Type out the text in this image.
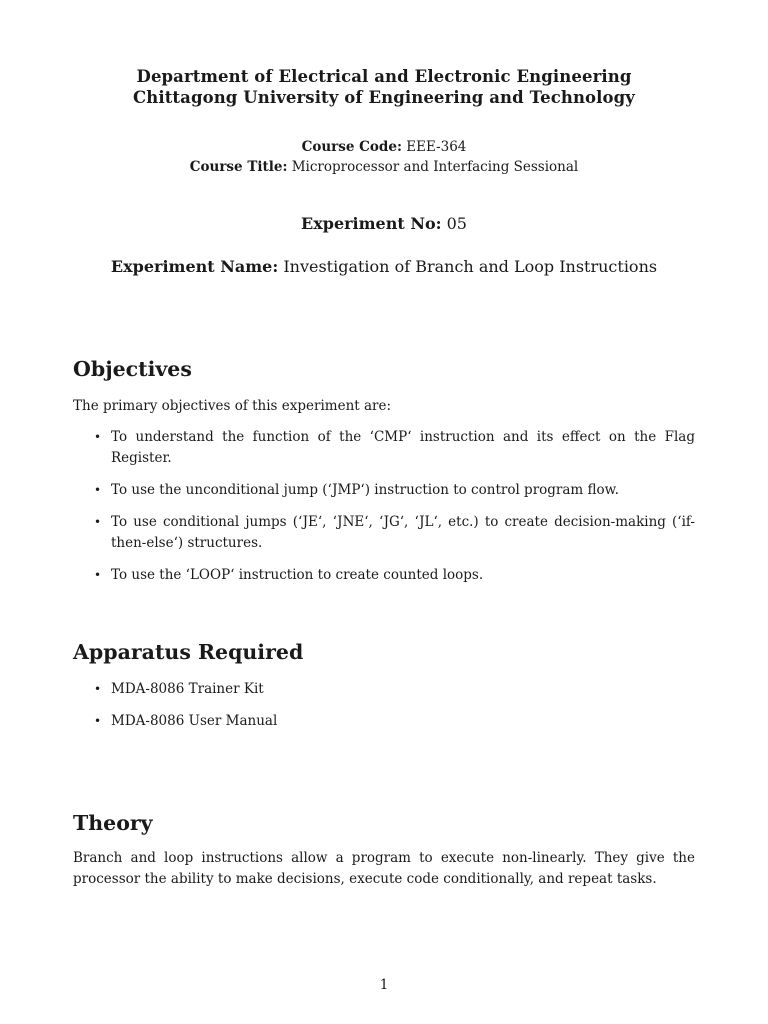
Department of Electrical and Electronic Engineering
Chittagong University of Engineering and Technology
Course Code: EEE-364
Course Title: Microprocessor and Interfacing Sessional
Experiment No: 05
Experiment Name: Investigation of Branch and Loop Instructions
Objectives

The primary objectives of this experiment are:

• To understand the function of the ‘CMP‘ instruction and its effect on the Flag Register.
• To use the unconditional jump (‘JMP‘) instruction to control program flow.
• To use conditional jumps (‘JE‘, ‘JNE‘, ‘JG‘, ‘JL‘, etc.) to create decision-making (‘if-then-else‘) structures.
• To use the ‘LOOP‘ instruction to create counted loops.
Apparatus Required
• MDA-8086 Trainer Kit
• MDA-8086 User Manual
Theory

Branch and loop instructions allow a program to execute non-linearly. They give the processor the ability to make decisions, execute code conditionally, and repeat tasks.

1
